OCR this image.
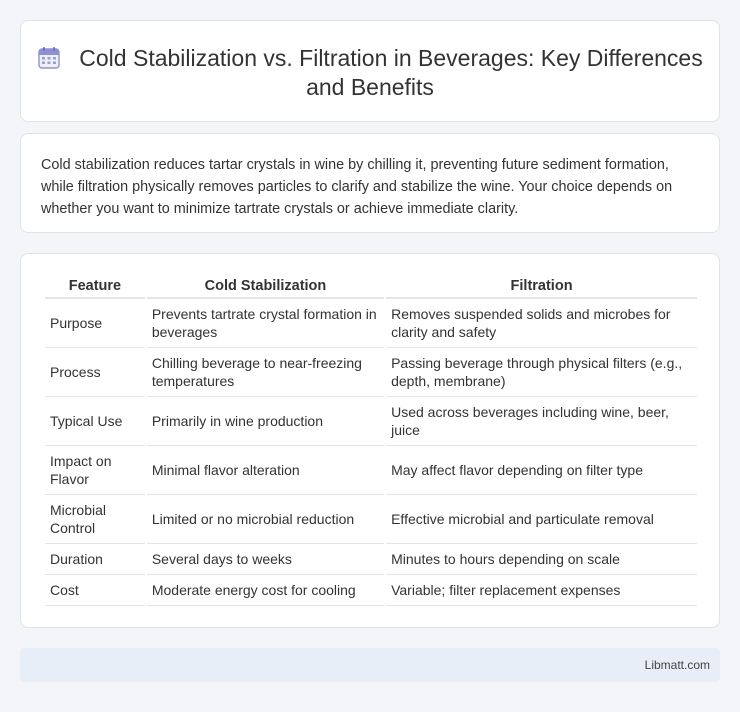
Cold Stabilization vs. Filtration in Beverages: Key Differences and Benefits

Cold stabilization reduces tartar crystals in wine by chilling it, preventing future sediment formation, while filtration physically removes particles to clarify and stabilize the wine. Your choice depends on whether you want to minimize tartrate crystals or achieve immediate clarity.

Feature	Cold Stabilization	Filtration
Purpose	Prevents tartrate crystal formation in beverages	Removes suspended solids and microbes for clarity and safety
Process	Chilling beverage to near-freezing temperatures	Passing beverage through physical filters (e.g., depth, membrane)
Typical Use	Primarily in wine production	Used across beverages including wine, beer, juice
Impact on Flavor	Minimal flavor alteration	May affect flavor depending on filter type
Microbial Control	Limited or no microbial reduction	Effective microbial and particulate removal
Duration	Several days to weeks	Minutes to hours depending on scale
Cost	Moderate energy cost for cooling	Variable; filter replacement expenses
Libmatt.com
